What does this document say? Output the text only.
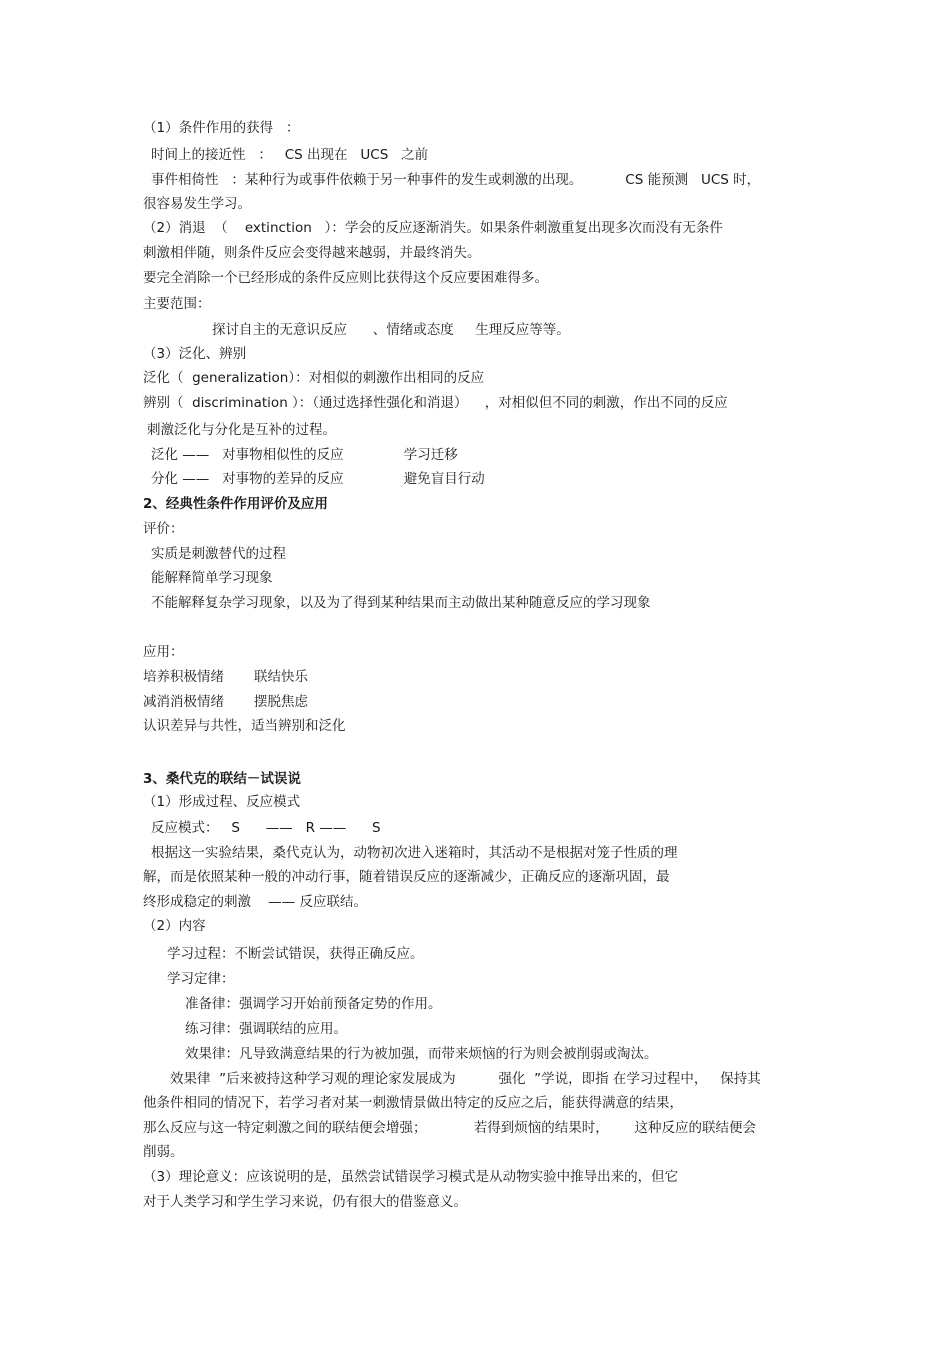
（1）条件作用的获得   ：
时间上的接近性   ：   CS 出现在   UCS   之前
事件相倚性   ：某种行为或事件依赖于另一种事件的发生或刺激的出现。          CS 能预测   UCS 时，
很容易发生学习。
（2）消退  （    extinction   ）：学会的反应逐渐消失。如果条件刺激重复出现多次而没有无条件
刺激相伴随，则条件反应会变得越来越弱，并最终消失。
要完全消除一个已经形成的条件反应则比获得这个反应要困难得多。
主要范围：
探讨自主的无意识反应      、情绪或态度     生理反应等等。
（3）泛化、辨别
泛化（  generalization）：对相似的刺激作出相同的反应
辨别（  discrimination ）：（通过选择性强化和消退）    ，对相似但不同的刺激，作出不同的反应
刺激泛化与分化是互补的过程。
泛化 ——   对事物相似性的反应              学习迁移
分化 ——   对事物的差异的反应              避免盲目行动
2、经典性条件作用评价及应用
评价：
实质是刺激替代的过程
能解释简单学习现象
不能解释复杂学习现象，以及为了得到某种结果而主动做出某种随意反应的学习现象
应用：
培养积极情绪       联结快乐
减消消极情绪       摆脱焦虑
认识差异与共性，适当辨别和泛化
3、桑代克的联结－试误说
（1）形成过程、反应模式
反应模式：   S      ——   R ——      S
根据这一实验结果，桑代克认为，动物初次进入迷箱时，其活动不是根据对笼子性质的理
解，而是依照某种一般的冲动行事，随着错误反应的逐渐减少，正确反应的逐渐巩固，最
终形成稳定的刺激    —— 反应联结。
（2）内容
学习过程：不断尝试错误，获得正确反应。
学习定律：
准备律：强调学习开始前预备定势的作用。
练习律：强调联结的应用。
效果律：凡导致满意结果的行为被加强，而带来烦恼的行为则会被削弱或淘汰。
效果律  ”后来被持这种学习观的理论家发展成为          强化  ”学说，即指 在学习过程中，   保持其
他条件相同的情况下，若学习者对某一刺激情景做出特定的反应之后，能获得满意的结果，
那么反应与这一特定刺激之间的联结便会增强；           若得到烦恼的结果时，      这种反应的联结便会
削弱。
（3）理论意义：应该说明的是，虽然尝试错误学习模式是从动物实验中推导出来的，但它
对于人类学习和学生学习来说，仍有很大的借鉴意义。
